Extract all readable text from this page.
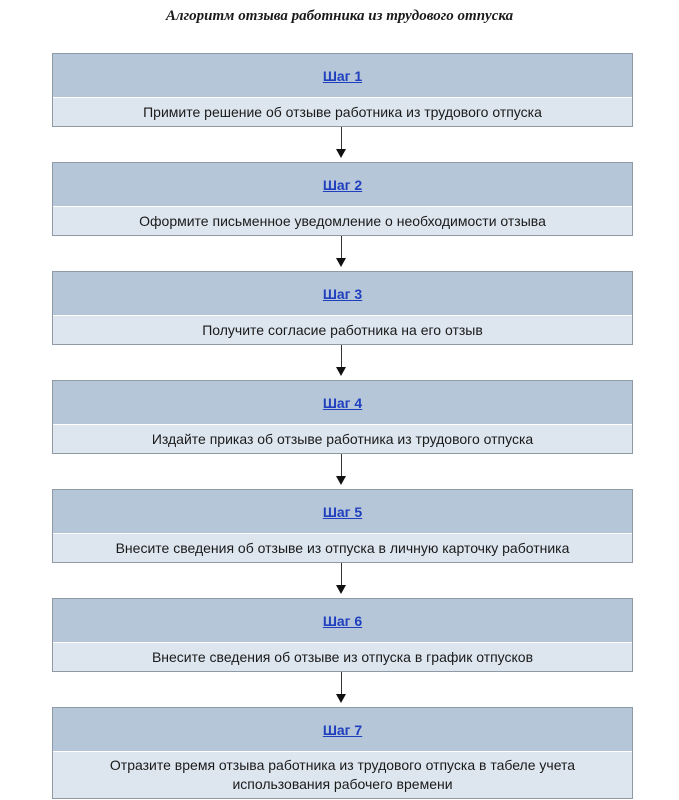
Алгоритм отзыва работника из трудового отпуска
Шаг 1
Примите решение об отзыве работника из трудового отпуска
Шаг 2
Оформите письменное уведомление о необходимости отзыва
Шаг 3
Получите согласие работника на его отзыв
Шаг 4
Издайте приказ об отзыве работника из трудового отпуска
Шаг 5
Внесите сведения об отзыве из отпуска в личную карточку работника
Шаг 6
Внесите сведения об отзыве из отпуска в график отпусков
Шаг 7
Отразите время отзыва работника из трудового отпуска в табеле учета использования рабочего времени
